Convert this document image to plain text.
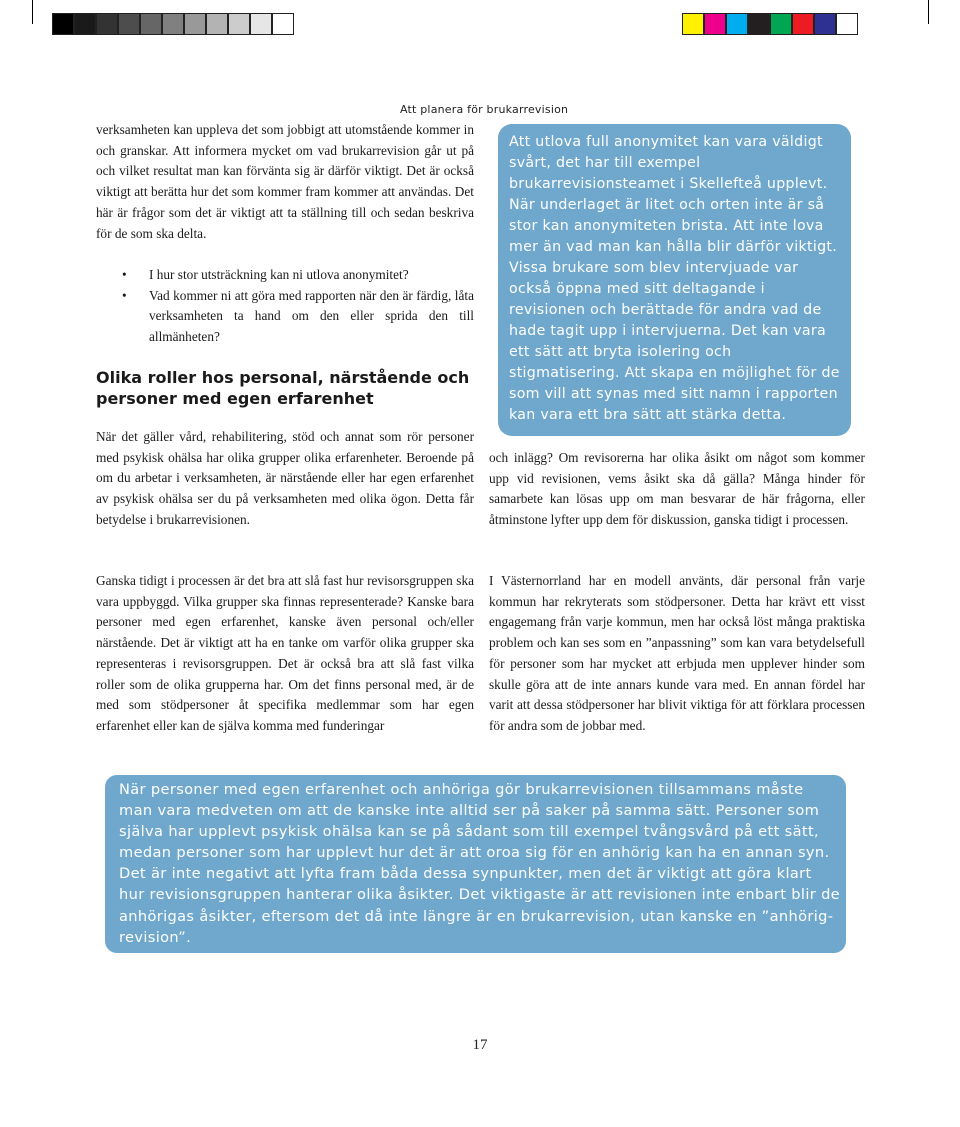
Att planera för brukarrevision

verksamheten kan uppleva det som jobbigt att utomstående kommer in och granskar. Att informera mycket om vad brukarrevision går ut på och vilket resultat man kan förvänta sig är därför viktigt. Det är också viktigt att berätta hur det som kommer fram kommer att användas. Det här är frågor som det är viktigt att ta ställning till och sedan beskriva för de som ska delta.

• I hur stor utsträckning kan ni utlova anonymitet?
• Vad kommer ni att göra med rapporten när den är färdig, låta verksamheten ta hand om den eller sprida den till allmänheten?
Olika roller hos personal, närstående och personer med egen erfarenhet

När det gäller vård, rehabilitering, stöd och annat som rör personer med psykisk ohälsa har olika grupper olika erfarenheter. Beroende på om du arbetar i verksamheten, är närstående eller har egen erfarenhet av psykisk ohälsa ser du på verksamheten med olika ögon. Detta får betydelse i brukarrevisionen.

Ganska tidigt i processen är det bra att slå fast hur revisorsgruppen ska vara uppbyggd. Vilka grupper ska finnas representerade? Kanske bara personer med egen erfarenhet, kanske även personal och/eller närstående. Det är viktigt att ha en tanke om varför olika grupper ska representeras i revisorsgruppen. Det är också bra att slå fast vilka roller som de olika grupperna har. Om det finns personal med, är de med som stödpersoner åt specifika medlemmar som har egen erfarenhet eller kan de själva komma med funderingar

Att utlova full anonymitet kan vara väldigt svårt, det har till exempel brukarrevisionsteamet i Skellefteå upplevt. När underlaget är litet och orten inte är så stor kan anonymiteten brista. Att inte lova mer än vad man kan hålla blir därför viktigt. Vissa brukare som blev intervjuade var också öppna med sitt deltagande i revisionen och berättade för andra vad de hade tagit upp i intervjuerna. Det kan vara ett sätt att bryta isolering och stigmatisering. Att skapa en möjlighet för de som vill att synas med sitt namn i rapporten kan vara ett bra sätt att stärka detta.

och inlägg? Om revisorerna har olika åsikt om något som kommer upp vid revisionen, vems åsikt ska då gälla? Många hinder för samarbete kan lösas upp om man besvarar de här frågorna, eller åtminstone lyfter upp dem för diskussion, ganska tidigt i processen.

I Västernorrland har en modell använts, där personal från varje kommun har rekryterats som stödpersoner. Detta har krävt ett visst engagemang från varje kommun, men har också löst många praktiska problem och kan ses som en ”anpassning” som kan vara betydelsefull för personer som har mycket att erbjuda men upplever hinder som skulle göra att de inte annars kunde vara med. En annan fördel har varit att dessa stödpersoner har blivit viktiga för att förklara processen för andra som de jobbar med.

När personer med egen erfarenhet och anhöriga gör brukarrevisionen tillsammans måste man vara medveten om att de kanske inte alltid ser på saker på samma sätt. Personer som själva har upplevt psykisk ohälsa kan se på sådant som till exempel tvångsvård på ett sätt, medan personer som har upplevt hur det är att oroa sig för en anhörig kan ha en annan syn. Det är inte negativt att lyfta fram båda dessa synpunkter, men det är viktigt att göra klart hur revisionsgruppen hanterar olika åsikter. Det viktigaste är att revisionen inte enbart blir de anhörigas åsikter, eftersom det då inte längre är en brukarrevision, utan kanske en ”anhörig-revision”.
17
